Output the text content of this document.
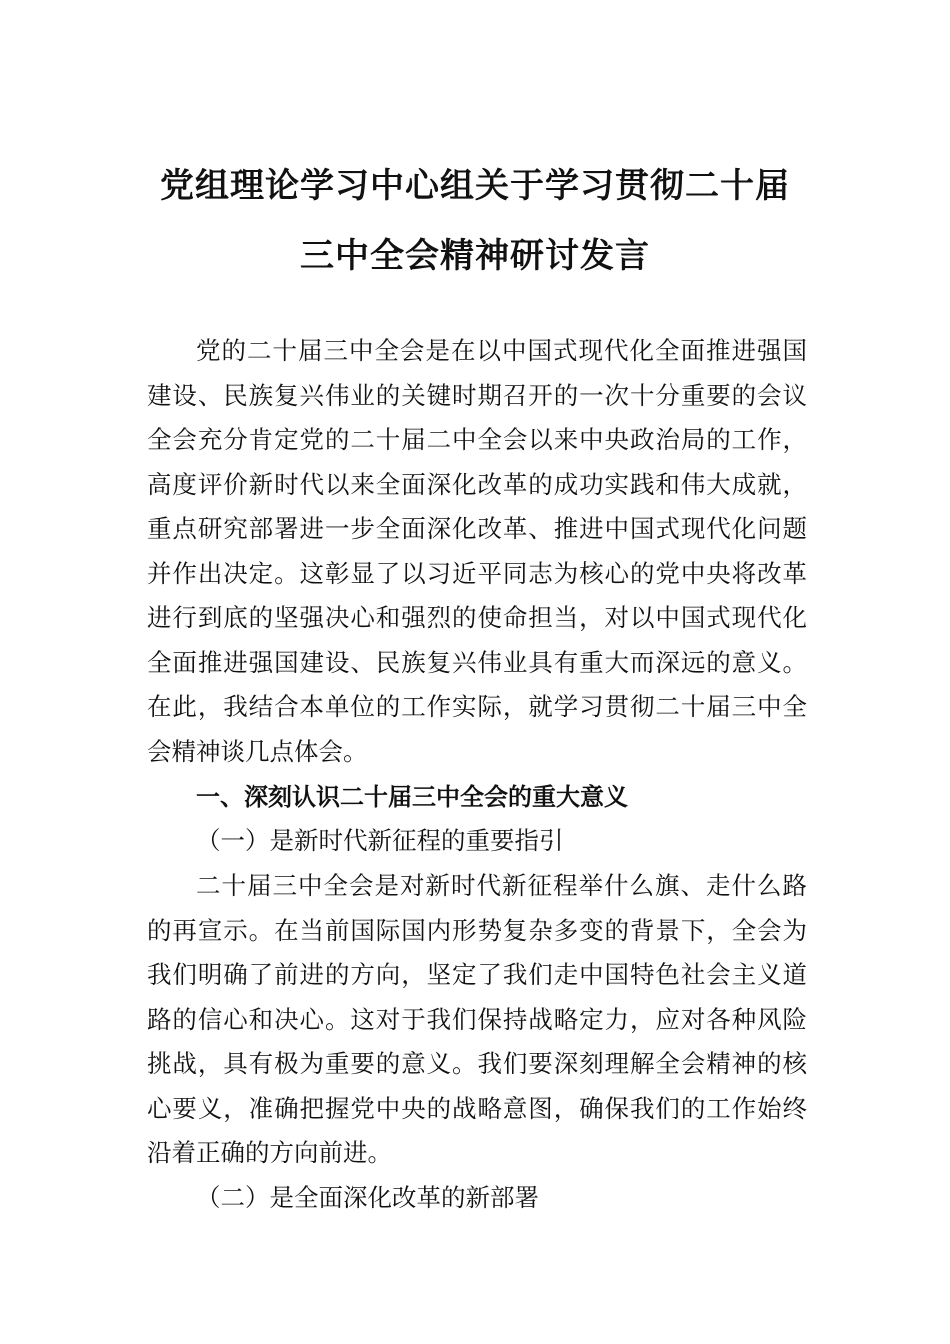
党组理论学习中心组关于学习贯彻二十届
三中全会精神研讨发言
党的二十届三中全会是在以中国式现代化全面推进强国
建设、民族复兴伟业的关键时期召开的一次十分重要的会议
全会充分肯定党的二十届二中全会以来中央政治局的工作，
高度评价新时代以来全面深化改革的成功实践和伟大成就，
重点研究部署进一步全面深化改革、推进中国式现代化问题
并作出决定。这彰显了以习近平同志为核心的党中央将改革
进行到底的坚强决心和强烈的使命担当，对以中国式现代化
全面推进强国建设、民族复兴伟业具有重大而深远的意义。
在此，我结合本单位的工作实际，就学习贯彻二十届三中全
会精神谈几点体会。
一、深刻认识二十届三中全会的重大意义
（一）是新时代新征程的重要指引
二十届三中全会是对新时代新征程举什么旗、走什么路
的再宣示。在当前国际国内形势复杂多变的背景下，全会为
我们明确了前进的方向，坚定了我们走中国特色社会主义道
路的信心和决心。这对于我们保持战略定力，应对各种风险
挑战，具有极为重要的意义。我们要深刻理解全会精神的核
心要义，准确把握党中央的战略意图，确保我们的工作始终
沿着正确的方向前进。
（二）是全面深化改革的新部署
